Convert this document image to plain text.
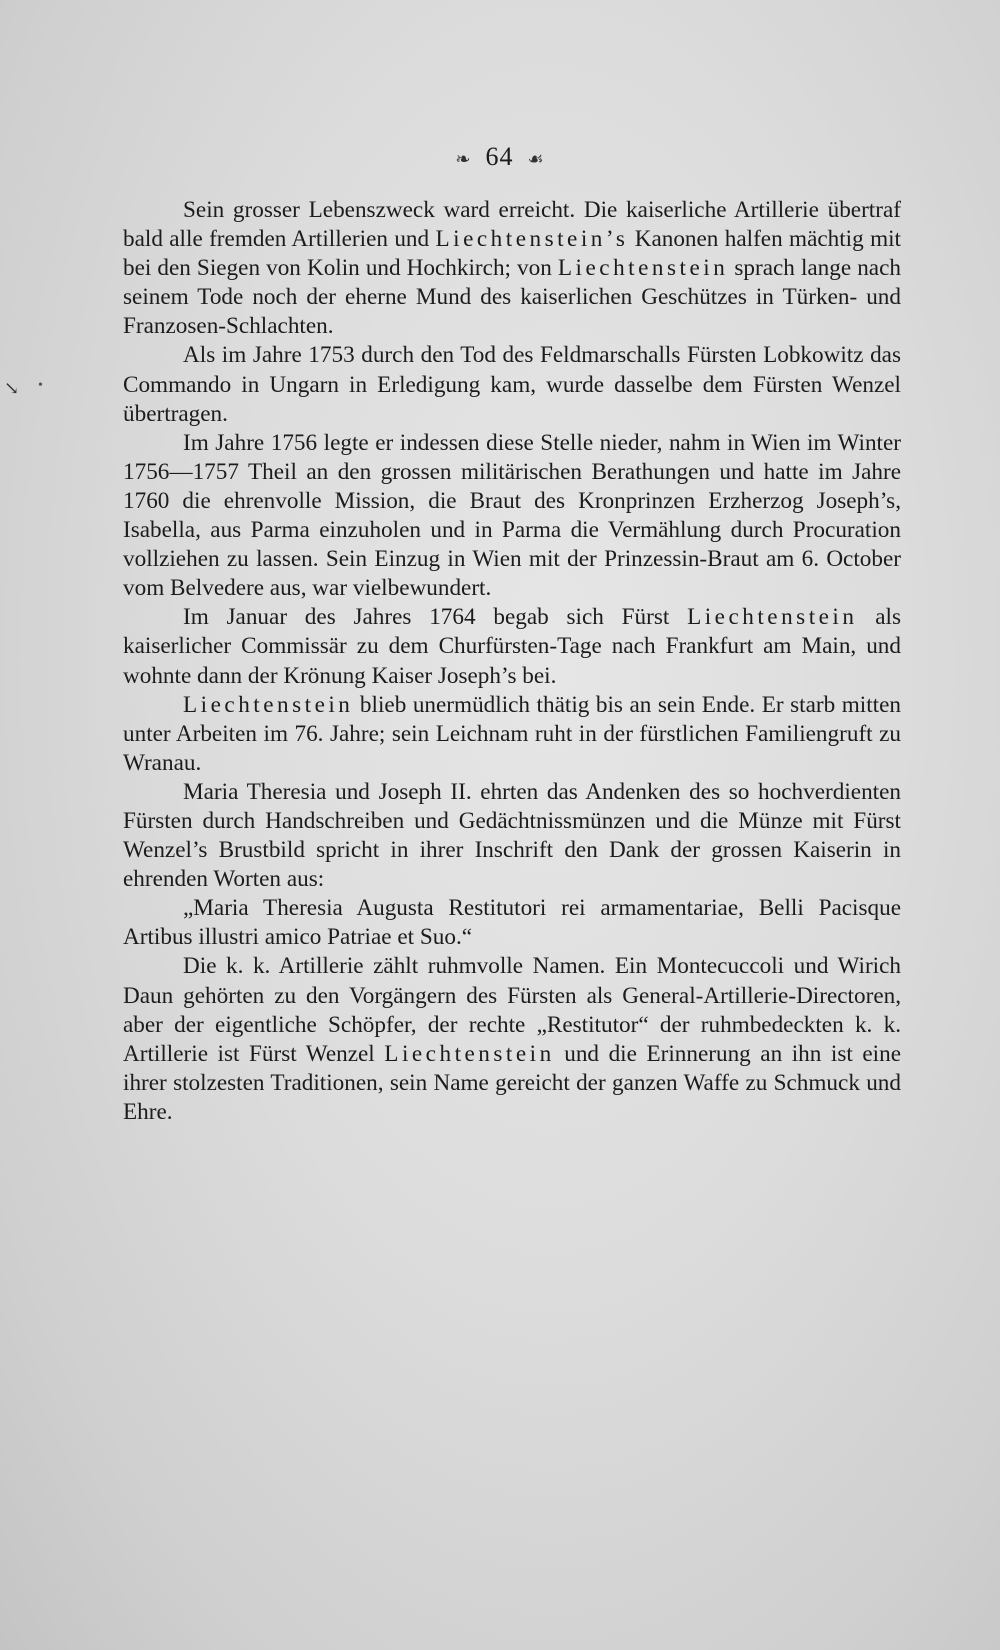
↘ •
❧ 64 ☙

Sein grosser Lebenszweck ward erreicht. Die kaiserliche Artillerie übertraf bald alle fremden Artillerien und Liechtenstein’s Kanonen halfen mächtig mit bei den Siegen von Kolin und Hochkirch; von Liechtenstein sprach lange nach seinem Tode noch der eherne Mund des kaiserlichen Geschützes in Türken- und Franzosen-Schlachten.

Als im Jahre 1753 durch den Tod des Feldmarschalls Fürsten Lobkowitz das Commando in Ungarn in Erledigung kam, wurde dasselbe dem Fürsten Wenzel übertragen.

Im Jahre 1756 legte er indessen diese Stelle nieder, nahm in Wien im Winter 1756—1757 Theil an den grossen militärischen Berathungen und hatte im Jahre 1760 die ehrenvolle Mission, die Braut des Kronprinzen Erzherzog Joseph’s, Isabella, aus Parma einzuholen und in Parma die Vermählung durch Procuration vollziehen zu lassen. Sein Einzug in Wien mit der Prinzessin-Braut am 6. October vom Belvedere aus, war vielbewundert.

Im Januar des Jahres 1764 begab sich Fürst Liechtenstein als kaiserlicher Commissär zu dem Churfürsten-Tage nach Frankfurt am Main, und wohnte dann der Krönung Kaiser Joseph’s bei.

Liechtenstein blieb unermüdlich thätig bis an sein Ende. Er starb mitten unter Arbeiten im 76. Jahre; sein Leichnam ruht in der fürstlichen Familiengruft zu Wranau.

Maria Theresia und Joseph II. ehrten das Andenken des so hochverdienten Fürsten durch Handschreiben und Gedächtnissmünzen und die Münze mit Fürst Wenzel’s Brustbild spricht in ihrer Inschrift den Dank der grossen Kaiserin in ehrenden Worten aus:

„Maria Theresia Augusta Restitutori rei armamentariae, Belli Pacisque Artibus illustri amico Patriae et Suo.“

Die k. k. Artillerie zählt ruhmvolle Namen. Ein Montecuccoli und Wirich Daun gehörten zu den Vorgängern des Fürsten als General-Artillerie-Directoren, aber der eigentliche Schöpfer, der rechte „Restitutor“ der ruhmbedeckten k. k. Artillerie ist Fürst Wenzel Liechtenstein und die Erinnerung an ihn ist eine ihrer stolzesten Traditionen, sein Name gereicht der ganzen Waffe zu Schmuck und Ehre.
